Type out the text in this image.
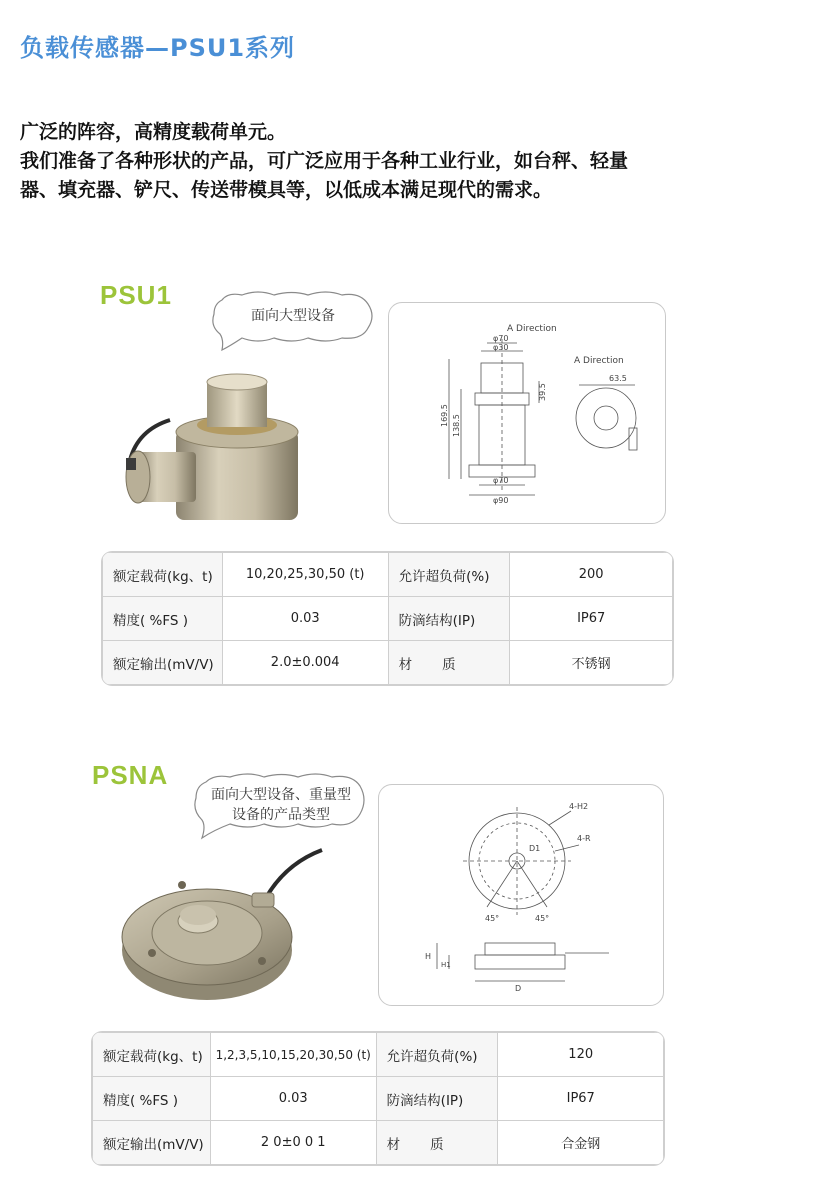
负载传感器—PSU1系列

广泛的阵容，高精度载荷单元。

我们准备了各种形状的产品，可广泛应用于各种工业行业，如台秤、轻量

器、填充器、铲尺、传送带模具等，以低成本满足现代的需求。

PSU1
面向大型设备
A Direction
A Direction
φ70
φ30
169.5 138.5
39.5
φ70
φ90
63.5
额定载荷(kg、t)	10,20,25,30,50 (t)	允许超负荷(%)	200
精度( %FS )	0.03	防滴结构(IP)	IP67
额定输出(mV/V)	2.0±0.004	材质	不锈钢
PSNA
面向大型设备、重量型
设备的产品类型
4-H2
D1
4-R
45°	45°
H
H1
D
额定载荷(kg、t)	1,2,3,5,10,15,20,30,50 (t)	允许超负荷(%)	120
精度( %FS )	0.03	防滴结构(IP)	IP67
额定输出(mV/V)	2 0±0 0 1	材质	合金钢
